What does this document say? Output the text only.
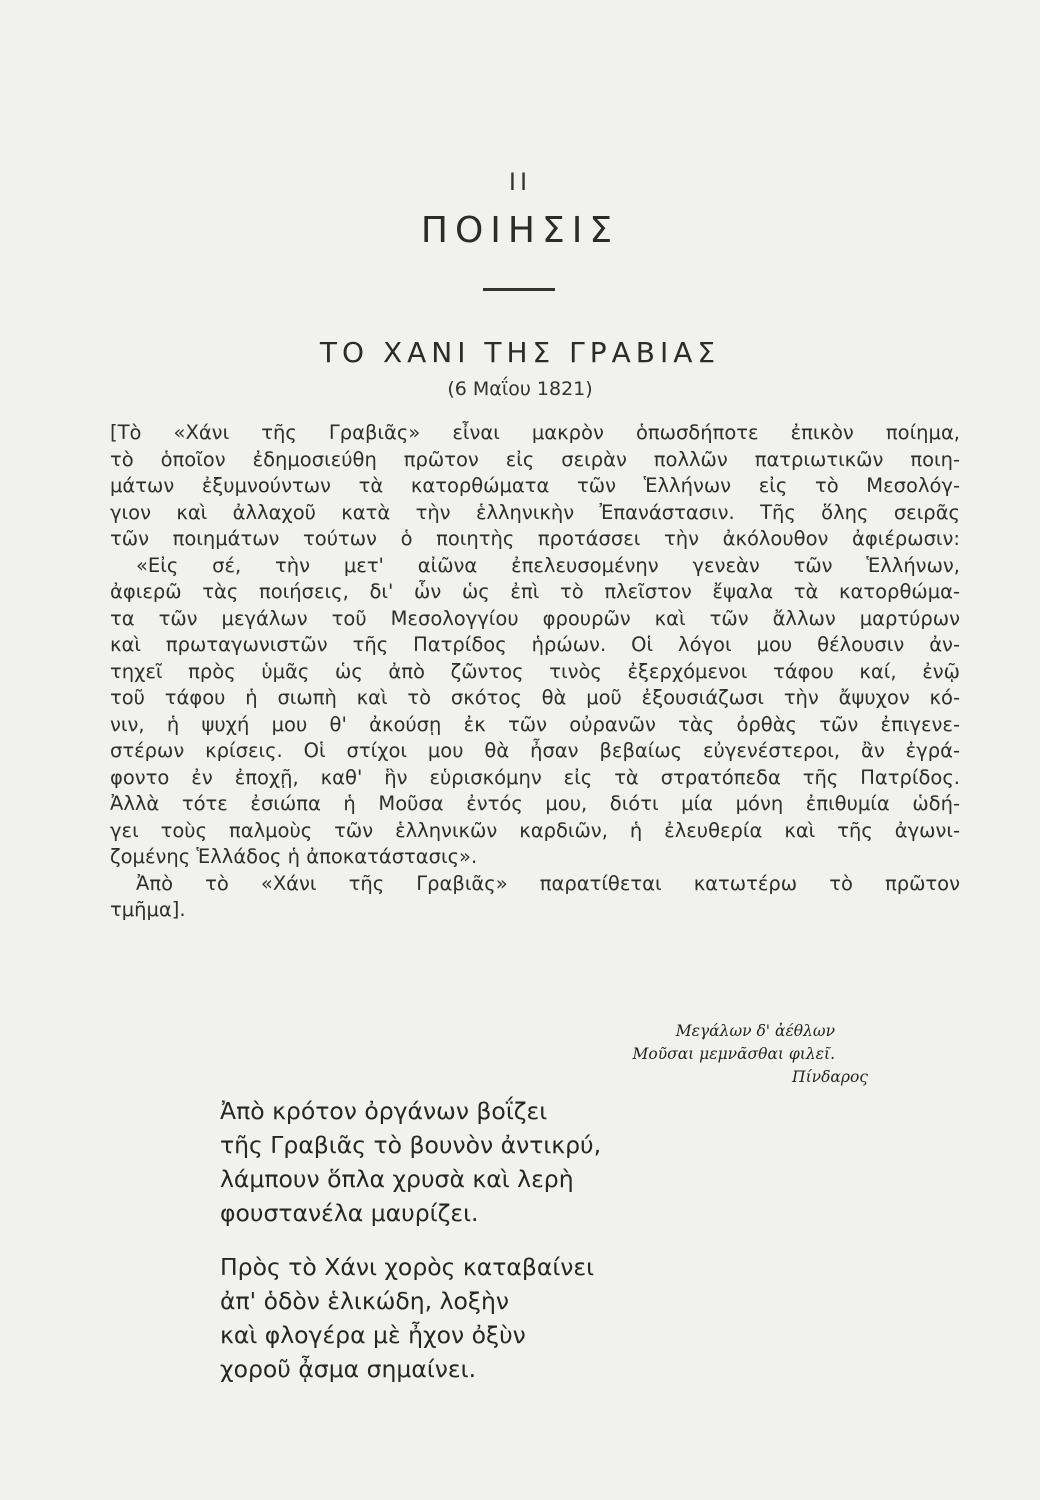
II
ΠΟΙΗΣΙΣ
ΤΟ ΧΑΝΙ ΤΗΣ ΓΡΑΒΙΑΣ
(6 Μαΐου 1821)
[Τὸ «Χάνι τῆς Γραβιᾶς» εἶναι μακρὸν ὁπωσδήποτε ἐπικὸν ποίημα,
τὸ ὁποῖον ἐδημοσιεύθη πρῶτον εἰς σειρὰν πολλῶν πατριωτικῶν ποιη-
μάτων ἐξυμνούντων τὰ κατορθώματα τῶν Ἑλλήνων εἰς τὸ Μεσολόγ-
γιον καὶ ἀλλαχοῦ κατὰ τὴν ἑλληνικὴν Ἐπανάστασιν. Τῆς ὅλης σειρᾶς
τῶν ποιημάτων τούτων ὁ ποιητὴς προτάσσει τὴν ἀκόλουθον ἀφιέρωσιν:
«Εἰς σέ, τὴν μετ' αἰῶνα ἐπελευσομένην γενεὰν τῶν Ἑλλήνων,
ἀφιερῶ τὰς ποιήσεις, δι' ὧν ὡς ἐπὶ τὸ πλεῖστον ἔψαλα τὰ κατορθώμα-
τα τῶν μεγάλων τοῦ Μεσολογγίου φρουρῶν καὶ τῶν ἄλλων μαρτύρων
καὶ πρωταγωνιστῶν τῆς Πατρίδος ἡρώων. Οἱ λόγοι μου θέλουσιν ἀν-
τηχεῖ πρὸς ὑμᾶς ὡς ἀπὸ ζῶντος τινὸς ἐξερχόμενοι τάφου καί, ἐνῷ
τοῦ τάφου ἡ σιωπὴ καὶ τὸ σκότος θὰ μοῦ ἐξουσιάζωσι τὴν ἄψυχον κό-
νιν, ἡ ψυχή μου θ' ἀκούσῃ ἐκ τῶν οὐρανῶν τὰς ὀρθὰς τῶν ἐπιγενε-
στέρων κρίσεις. Οἱ στίχοι μου θὰ ἦσαν βεβαίως εὐγενέστεροι, ἂν ἐγρά-
φοντο ἐν ἐποχῇ, καθ' ἣν εὑρισκόμην εἰς τὰ στρατόπεδα τῆς Πατρίδος.
Ἀλλὰ τότε ἐσιώπα ἡ Μοῦσα ἐντός μου, διότι μία μόνη ἐπιθυμία ὡδή-
γει τοὺς παλμοὺς τῶν ἑλληνικῶν καρδιῶν, ἡ ἐλευθερία καὶ τῆς ἀγωνι-
ζομένης Ἑλλάδος ἡ ἀποκατάστασις».
Ἀπὸ τὸ «Χάνι τῆς Γραβιᾶς» παρατίθεται κατωτέρω τὸ πρῶτον
τμῆμα].
Μεγάλων δ' ἀέθλων
Μοῦσαι μεμνᾶσθαι φιλεῖ.
Πίνδαρος
Ἀπὸ κρότον ὀργάνων βοΐζει
τῆς Γραβιᾶς τὸ βουνὸν ἀντικρύ,
λάμπουν ὅπλα χρυσὰ καὶ λερὴ
φουστανέλα μαυρίζει.
Πρὸς τὸ Χάνι χορὸς καταβαίνει
ἀπ' ὁδὸν ἑλικώδη, λοξὴν
καὶ φλογέρα μὲ ἦχον ὀξὺν
χοροῦ ᾆσμα σημαίνει.
